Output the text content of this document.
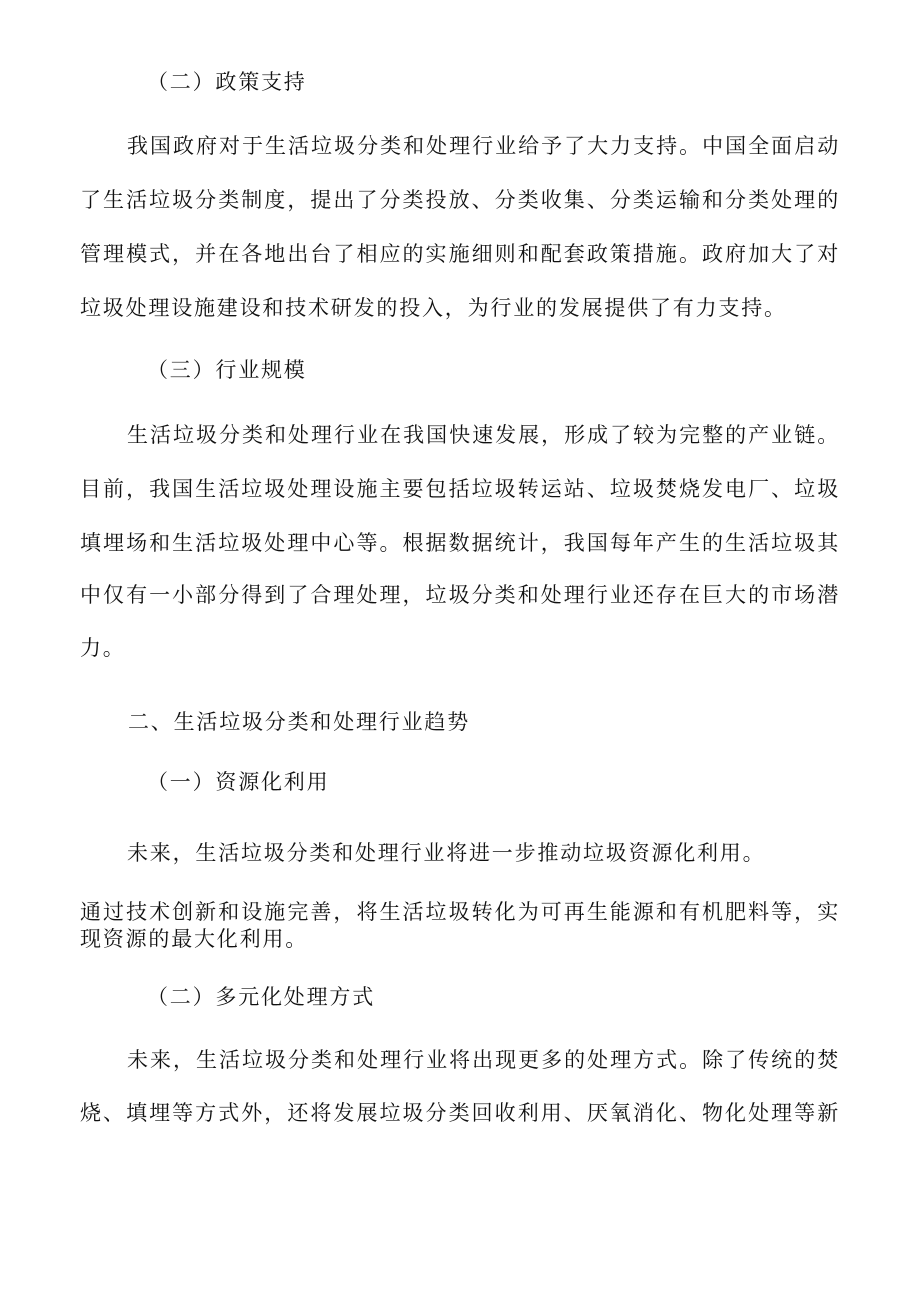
（二）政策支持
我国政府对于生活垃圾分类和处理行业给予了大力支持。中国全面启动
了生活垃圾分类制度，提出了分类投放、分类收集、分类运输和分类处理的
管理模式，并在各地出台了相应的实施细则和配套政策措施。政府加大了对
垃圾处理设施建设和技术研发的投入，为行业的发展提供了有力支持。
（三）行业规模
生活垃圾分类和处理行业在我国快速发展，形成了较为完整的产业链。
目前，我国生活垃圾处理设施主要包括垃圾转运站、垃圾焚烧发电厂、垃圾
填埋场和生活垃圾处理中心等。根据数据统计，我国每年产生的生活垃圾其
中仅有一小部分得到了合理处理，垃圾分类和处理行业还存在巨大的市场潜
力。
二、生活垃圾分类和处理行业趋势
（一）资源化利用
未来，生活垃圾分类和处理行业将进一步推动垃圾资源化利用。
通过技术创新和设施完善，将生活垃圾转化为可再生能源和有机肥料等，实
现资源的最大化利用。
（二）多元化处理方式
未来，生活垃圾分类和处理行业将出现更多的处理方式。除了传统的焚
烧、填埋等方式外，还将发展垃圾分类回收利用、厌氧消化、物化处理等新
